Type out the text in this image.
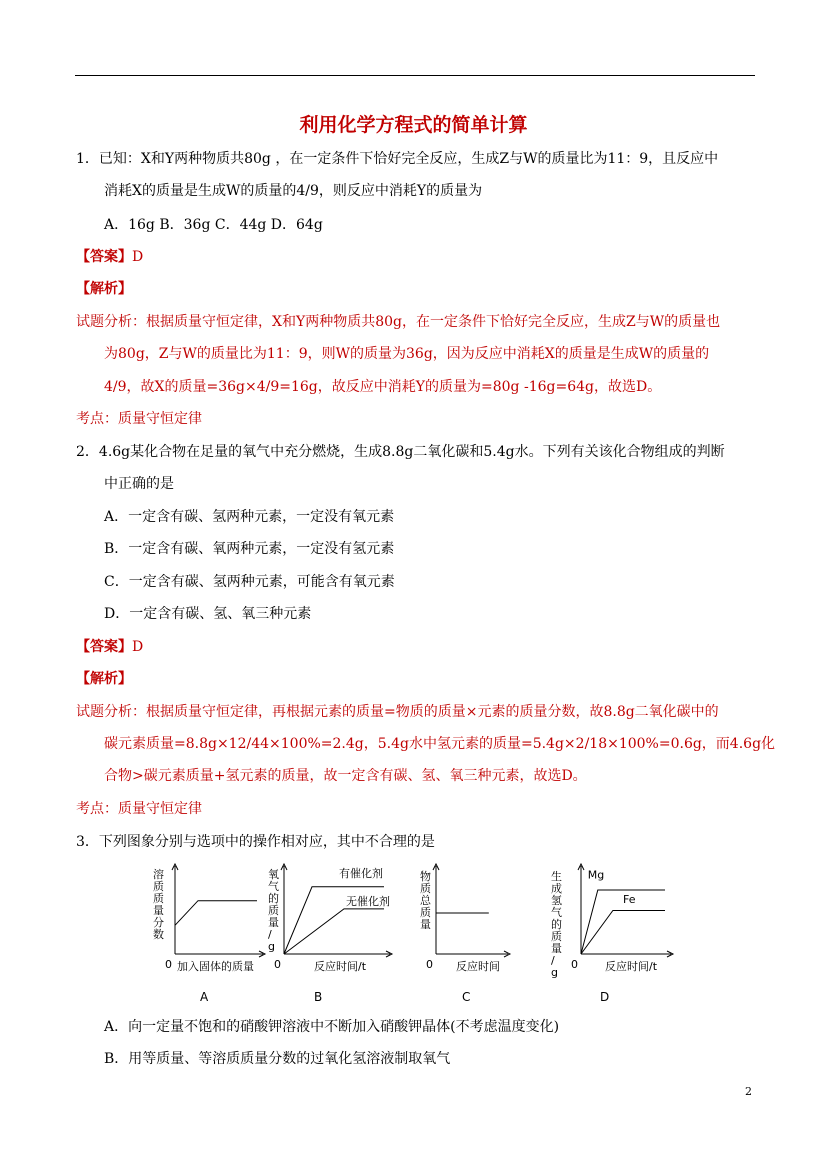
利用化学方程式的简单计算
1．已知：X和Y两种物质共80g ，在一定条件下恰好完全反应，生成Z与W的质量比为11：9，且反应中
消耗X的质量是生成W的质量的4/9，则反应中消耗Y的质量为
A．16g B．36g C．44g D．64g
【答案】D
【解析】
试题分析：根据质量守恒定律，X和Y两种物质共80g，在一定条件下恰好完全反应，生成Z与W的质量也
为80g，Z与W的质量比为11：9，则W的质量为36g，因为反应中消耗X的质量是生成W的质量的
4/9，故X的质量=36g×4/9=16g，故反应中消耗Y的质量为=80g -16g=64g，故选D。
考点：质量守恒定律
2．4.6g某化合物在足量的氧气中充分燃烧，生成8.8g二氧化碳和5.4g水。下列有关该化合物组成的判断
中正确的是
A．一定含有碳、氢两种元素，一定没有氧元素
B．一定含有碳、氧两种元素，一定没有氢元素
C．一定含有碳、氢两种元素，可能含有氧元素
D．一定含有碳、氢、氧三种元素
【答案】D
【解析】
试题分析：根据质量守恒定律，再根据元素的质量=物质的质量×元素的质量分数，故8.8g二氧化碳中的
碳元素质量=8.8g×12/44×100%=2.4g，5.4g水中氢元素的质量=5.4g×2/18×100%=0.6g，而4.6g化
合物>碳元素质量+氢元素的质量，故一定含有碳、氢、氧三种元素，故选D。
考点：质量守恒定律
3．下列图象分别与选项中的操作相对应，其中不合理的是
0
溶质质量分数
加入固体的质量 0
氧气的质量/ g
反应时间/t
有催化剂
无催化剂
0
物质总质量
反应时间	0
生成氢气的质量/ g	反应时间/t
Mg
Fe
A	B	C	D
A．向一定量不饱和的硝酸钾溶液中不断加入硝酸钾晶体(不考虑温度变化)
B．用等质量、等溶质质量分数的过氧化氢溶液制取氧气
2
